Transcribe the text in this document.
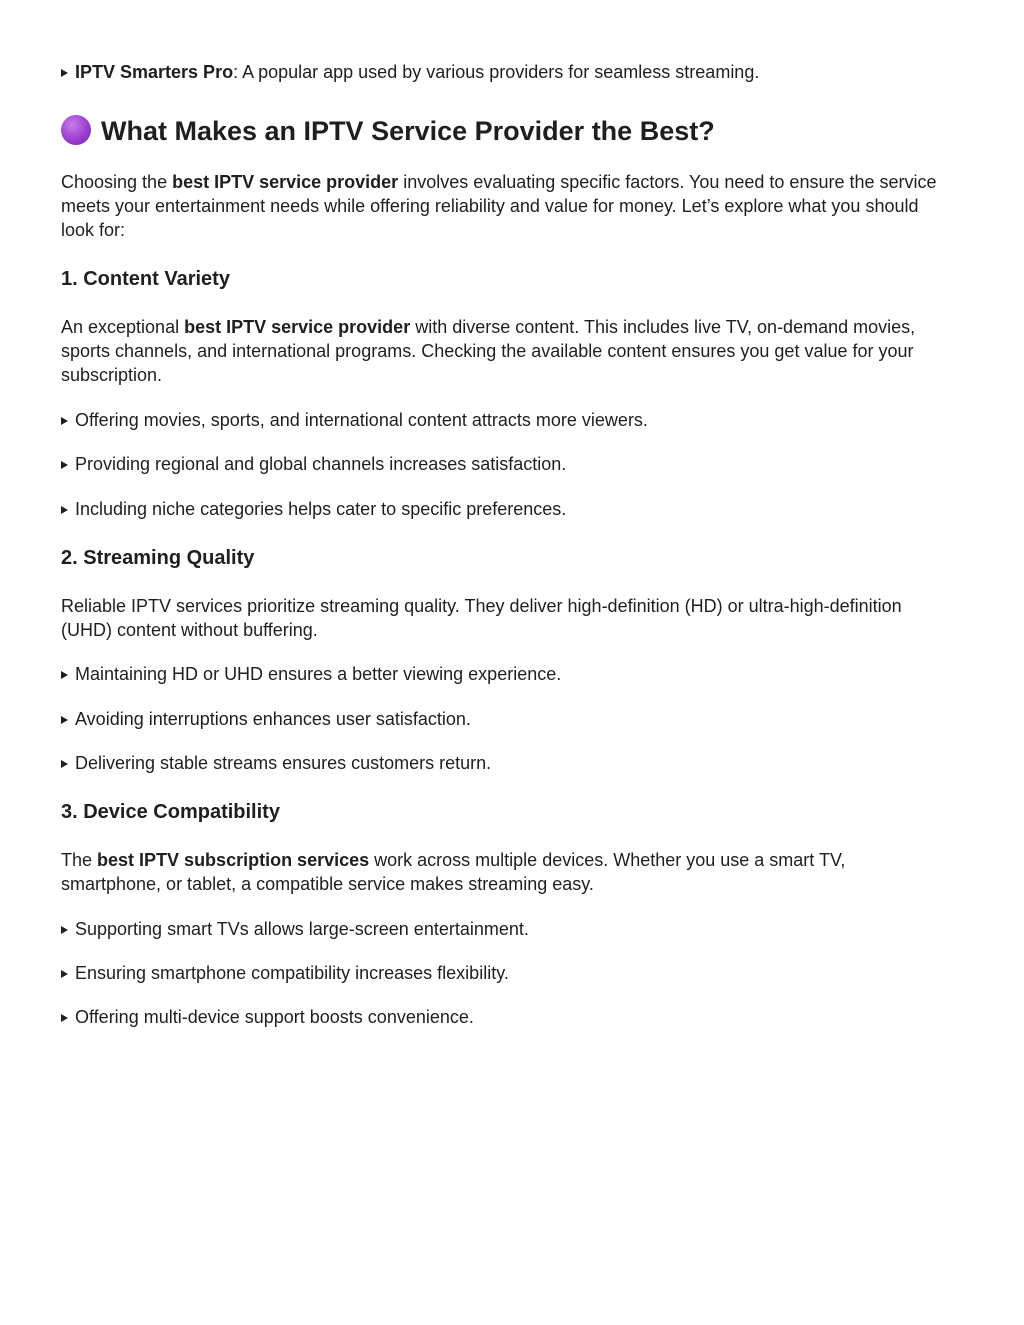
IPTV Smarters Pro: A popular app used by various providers for seamless streaming.
What Makes an IPTV Service Provider the Best?
Choosing the best IPTV service provider involves evaluating specific factors. You need to ensure the service
meets your entertainment needs while offering reliability and value for money. Let’s explore what you should
look for:
1. Content Variety
An exceptional best IPTV service provider with diverse content. This includes live TV, on-demand movies,
sports channels, and international programs. Checking the available content ensures you get value for your
subscription.
Offering movies, sports, and international content attracts more viewers.
Providing regional and global channels increases satisfaction.
Including niche categories helps cater to specific preferences.
2. Streaming Quality
Reliable IPTV services prioritize streaming quality. They deliver high-definition (HD) or ultra-high-definition
(UHD) content without buffering.
Maintaining HD or UHD ensures a better viewing experience.
Avoiding interruptions enhances user satisfaction.
Delivering stable streams ensures customers return.
3. Device Compatibility
The best IPTV subscription services work across multiple devices. Whether you use a smart TV,
smartphone, or tablet, a compatible service makes streaming easy.
Supporting smart TVs allows large-screen entertainment.
Ensuring smartphone compatibility increases flexibility.
Offering multi-device support boosts convenience.
